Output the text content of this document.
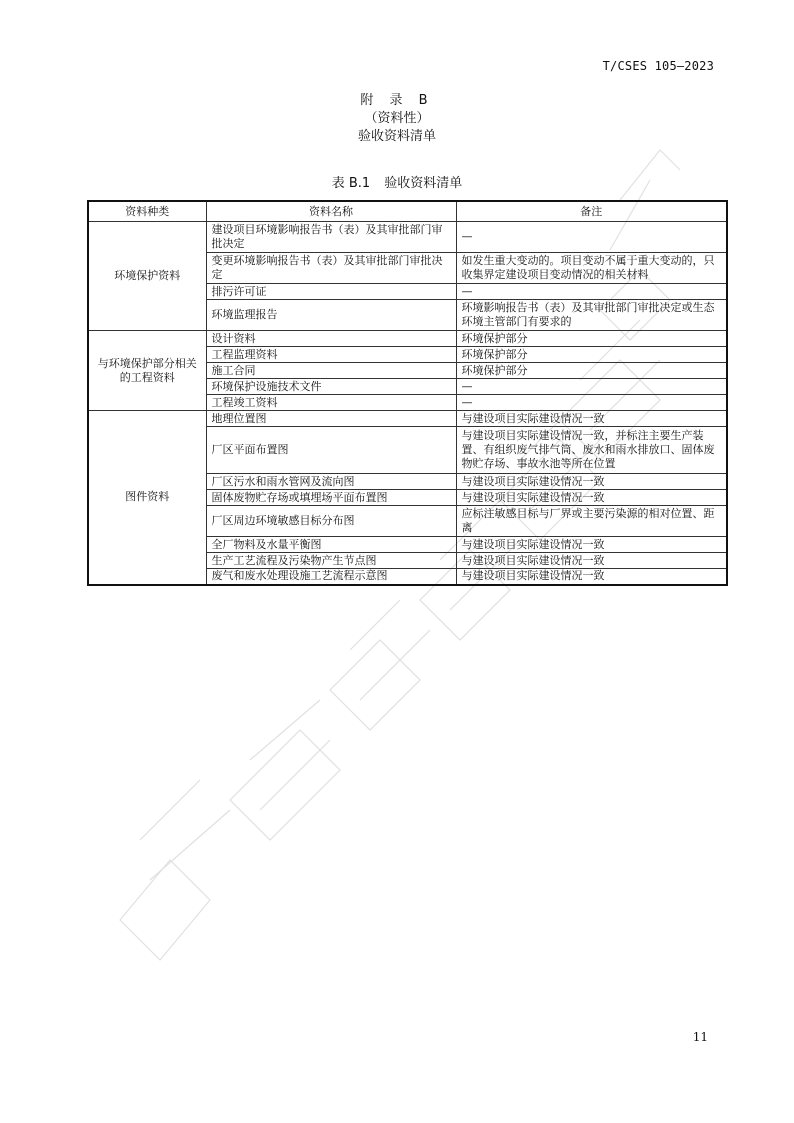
T/CSES 105—2023
附 录 B
（资料性）
验收资料清单
表 B.1 验收资料清单
资料种类	资料名称	备注
环境保护资料	建设项目环境影响报告书（表）及其审批部门审批决定	—
	变更环境影响报告书（表）及其审批部门审批决定	如发生重大变动的。项目变动不属于重大变动的，只收集界定建设项目变动情况的相关材料
	排污许可证	—
	环境监理报告	环境影响报告书（表）及其审批部门审批决定或生态环境主管部门有要求的
与环境保护部分相关的工程资料	设计资料	环境保护部分
	工程监理资料	环境保护部分
	施工合同	环境保护部分
	环境保护设施技术文件	—
	工程竣工资料	—
图件资料	地理位置图	与建设项目实际建设情况一致
	厂区平面布置图	与建设项目实际建设情况一致，并标注主要生产装置、有组织废气排气筒、废水和雨水排放口、固体废物贮存场、事故水池等所在位置
	厂区污水和雨水管网及流向图	与建设项目实际建设情况一致
	固体废物贮存场或填埋场平面布置图	与建设项目实际建设情况一致
	厂区周边环境敏感目标分布图	应标注敏感目标与厂界或主要污染源的相对位置、距离
	全厂物料及水量平衡图	与建设项目实际建设情况一致
	生产工艺流程及污染物产生节点图	与建设项目实际建设情况一致
	废气和废水处理设施工艺流程示意图	与建设项目实际建设情况一致
11
